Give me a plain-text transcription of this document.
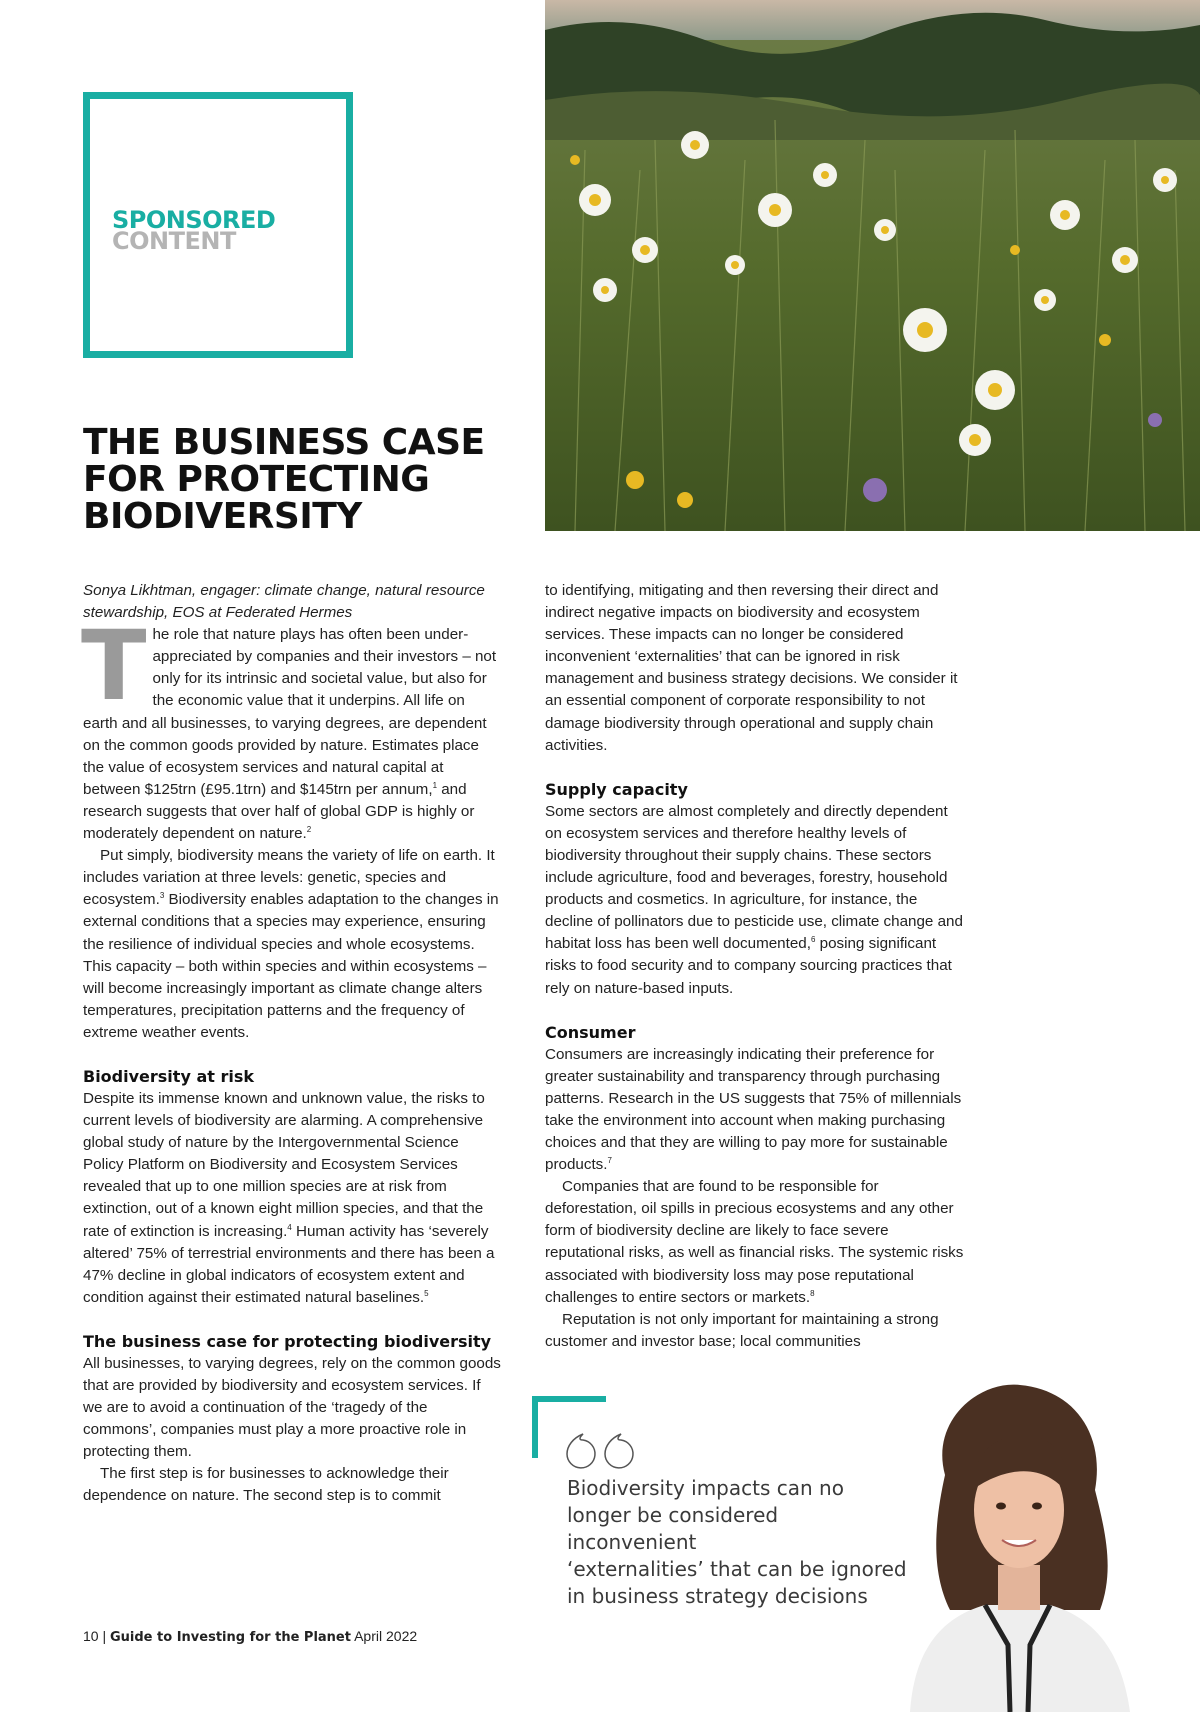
SPONSORED
CONTENT
THE BUSINESS CASE
FOR PROTECTING
BIODIVERSITY

Sonya Likhtman, engager: climate change, natural resource stewardship, EOS at Federated Hermes

The role that nature plays has often been under-appreciated by companies and their investors – not only for its intrinsic and societal value, but also for the economic value that it underpins. All life on earth and all businesses, to varying degrees, are dependent on the common goods provided by nature. Estimates place the value of ecosystem services and natural capital at between $125trn (£95.1trn) and $145trn per annum,$^1$ and research suggests that over half of global GDP is highly or moderately dependent on nature.$^2$

Put simply, biodiversity means the variety of life on earth. It includes variation at three levels: genetic, species and ecosystem.$^3$ Biodiversity enables adaptation to the changes in external conditions that a species may experience, ensuring the resilience of individual species and whole ecosystems. This capacity – both within species and within ecosystems – will become increasingly important as climate change alters temperatures, precipitation patterns and the frequency of extreme weather events.

Biodiversity at risk

Despite its immense known and unknown value, the risks to current levels of biodiversity are alarming. A comprehensive global study of nature by the Intergovernmental Science Policy Platform on Biodiversity and Ecosystem Services revealed that up to one million species are at risk from extinction, out of a known eight million species, and that the rate of extinction is increasing.$^4$ Human activity has ‘severely altered’ 75% of terrestrial environments and there has been a 47% decline in global indicators of ecosystem extent and condition against their estimated natural baselines.$^5$

The business case for protecting biodiversity

All businesses, to varying degrees, rely on the common goods that are provided by biodiversity and ecosystem services. If we are to avoid a continuation of the ‘tragedy of the commons’, companies must play a more proactive role in protecting them.

The first step is for businesses to acknowledge their dependence on nature. The second step is to commit

to identifying, mitigating and then reversing their direct and indirect negative impacts on biodiversity and ecosystem services. These impacts can no longer be considered inconvenient ‘externalities’ that can be ignored in risk management and business strategy decisions. We consider it an essential component of corporate responsibility to not damage biodiversity through operational and supply chain activities.

Supply capacity

Some sectors are almost completely and directly dependent on ecosystem services and therefore healthy levels of biodiversity throughout their supply chains. These sectors include agriculture, food and beverages, forestry, household products and cosmetics. In agriculture, for instance, the decline of pollinators due to pesticide use, climate change and habitat loss has been well documented,$^6$ posing significant risks to food security and to company sourcing practices that rely on nature-based inputs.

Consumer

Consumers are increasingly indicating their preference for greater sustainability and transparency through purchasing patterns. Research in the US suggests that 75% of millennials take the environment into account when making purchasing choices and that they are willing to pay more for sustainable products.$^7$

Companies that are found to be responsible for deforestation, oil spills in precious ecosystems and any other form of biodiversity decline are likely to face severe reputational risks, as well as financial risks. The systemic risks associated with biodiversity loss may pose reputational challenges to entire sectors or markets.$^8$

Reputation is not only important for maintaining a strong customer and investor base; local communities

Biodiversity impacts can no
longer be considered inconvenient
‘externalities’ that can be ignored
in business strategy decisions
10 | Guide to Investing for the Planet April 2022
